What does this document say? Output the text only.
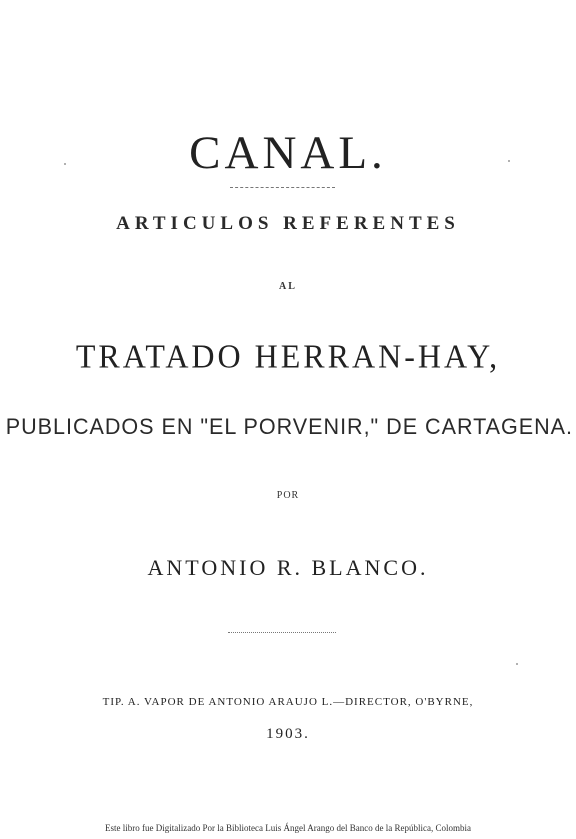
CANAL.
ARTICULOS REFERENTES
AL
TRATADO HERRAN-HAY,
PUBLICADOS EN "EL PORVENIR," DE CARTAGENA.
POR
ANTONIO R. BLANCO.
TIP. A. VAPOR DE ANTONIO ARAUJO L.—DIRECTOR, O'BYRNE,
1903.
Este libro fue Digitalizado Por la Biblioteca Luis Ángel Arango del Banco de la República, Colombia
